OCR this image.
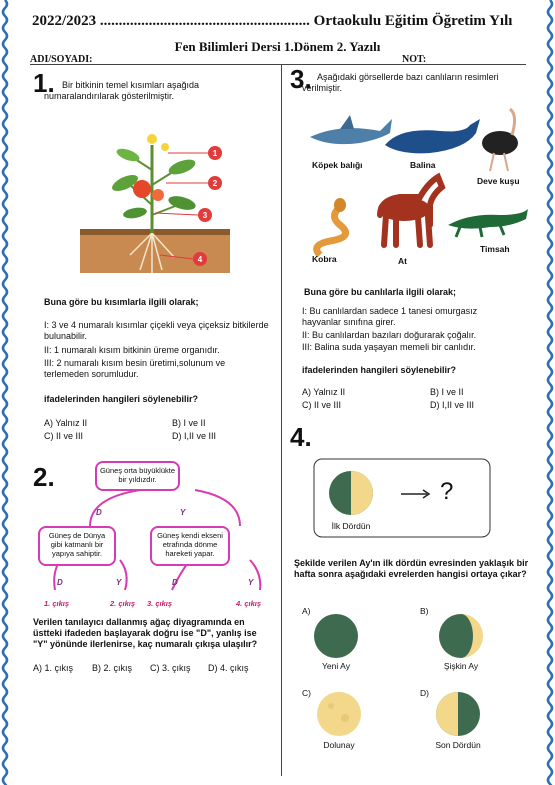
2022/2023 ........................................................ Ortaokulu Eğitim Öğretim Yılı
Fen Bilimleri Dersi 1.Dönem 2. Yazılı
ADI/SOYADI:	NOT:
1. Bir bitkinin temel kısımları aşağıda numaralandırılarak gösterilmiştir.
1
2
3
4
Buna göre bu kısımlarla ilgili olarak;
I: 3 ve 4 numaralı kısımlar çiçekli veya çiçeksiz bitkilerde bulunabilir.
II: 1 numaralı kısım bitkinin üreme organıdır.
III: 2 numaralı kısım besin üretimi,solunum ve terlemeden sorumludur.
ifadelerinden hangileri söylenebilir?
A) Yalnız II	B) I ve II
C) II ve III	D) I,II ve III
2.	Güneş orta büyüklükte bir yıldızdır.
Güneş de Dünya gibi katmanlı bir yapıya sahiptir.
Güneş kendi ekseni etrafında dönme hareketi yapar.
D	Y
D	Y	D	Y
1. çıkış	2. çıkış 3. çıkış	4. çıkış
Verilen tanılayıcı dallanmış ağaç diyagramında en üstteki ifadeden başlayarak doğru ise "D", yanlış ise "Y" yönünde ilerlenirse, kaç numaralı çıkışa ulaşılır?
A) 1. çıkış B) 2. çıkış C) 3. çıkış D) 4. çıkış
3. Aşağıdaki görsellerde bazı canlıların resimleri verilmiştir.
Köpek balığı	Balina
Deve kuşu
Kobra	At
Timsah
Buna göre bu canlılarla ilgili olarak;
I: Bu canlılardan sadece 1 tanesi omurgasız hayvanlar sınıfına girer.
II: Bu canlılardan bazıları doğurarak çoğalır.
III: Balina suda yaşayan memeli bir canlıdır.
ifadelerinden hangileri söylenebilir?
A) Yalnız II	B) I ve II
C) II ve III	D) I,II ve III
4.
?
İlk Dördün
Şekilde verilen Ay'ın ilk dördün evresinden yaklaşık bir hafta sonra aşağıdaki evrelerden hangisi ortaya çıkar?
A)
Yeni Ay
B)
Şişkin Ay
C)
Dolunay
D)
Son Dördün
